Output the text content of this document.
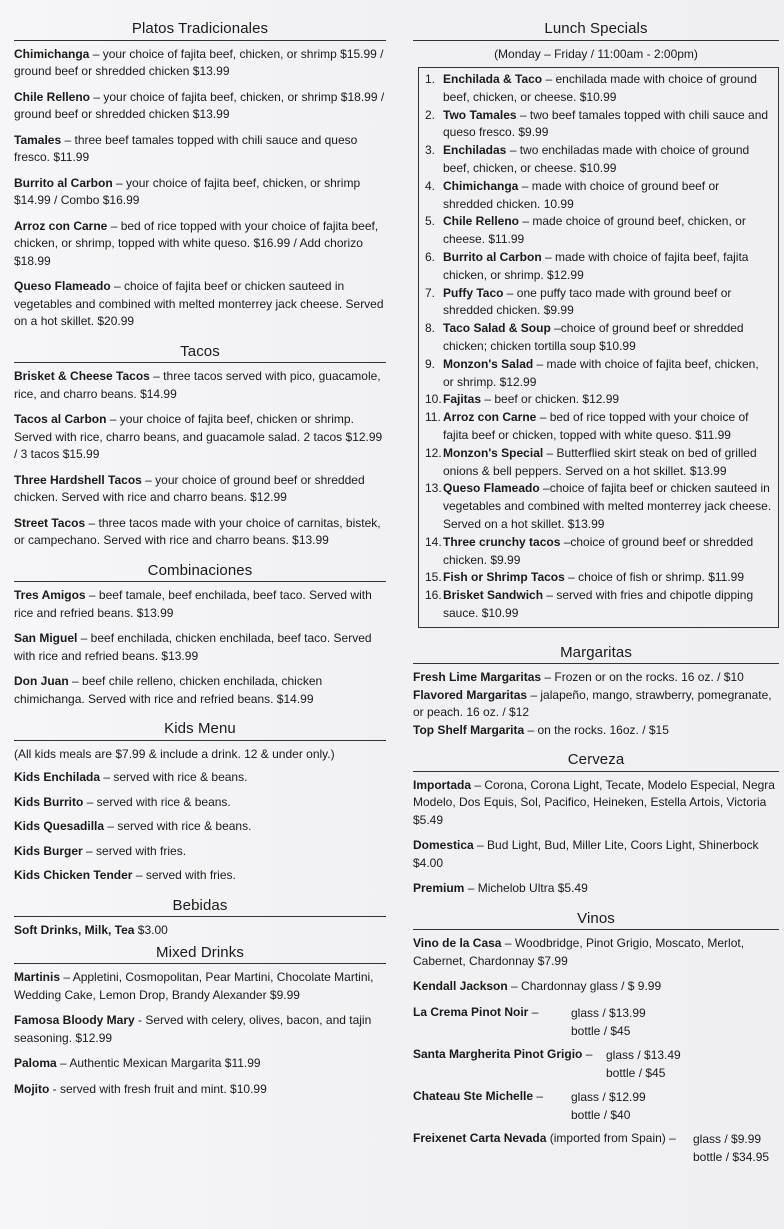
Platos Tradicionales
Chimichanga – your choice of fajita beef, chicken, or shrimp $15.99 / ground beef or shredded chicken $13.99
Chile Relleno – your choice of fajita beef, chicken, or shrimp $18.99 / ground beef or shredded chicken $13.99
Tamales – three beef tamales topped with chili sauce and queso fresco. $11.99
Burrito al Carbon – your choice of fajita beef, chicken, or shrimp $14.99 / Combo $16.99
Arroz con Carne – bed of rice topped with your choice of fajita beef, chicken, or shrimp, topped with white queso. $16.99 / Add chorizo $18.99
Queso Flameado – choice of fajita beef or chicken sauteed in vegetables and combined with melted monterrey jack cheese. Served on a hot skillet. $20.99
Tacos
Brisket & Cheese Tacos – three tacos served with pico, guacamole, rice, and charro beans. $14.99
Tacos al Carbon – your choice of fajita beef, chicken or shrimp. Served with rice, charro beans, and guacamole salad. 2 tacos $12.99 / 3 tacos $15.99
Three Hardshell Tacos – your choice of ground beef or shredded chicken. Served with rice and charro beans. $12.99
Street Tacos – three tacos made with your choice of carnitas, bistek, or campechano. Served with rice and charro beans. $13.99
Combinaciones
Tres Amigos – beef tamale, beef enchilada, beef taco. Served with rice and refried beans. $13.99
San Miguel – beef enchilada, chicken enchilada, beef taco. Served with rice and refried beans. $13.99
Don Juan – beef chile relleno, chicken enchilada, chicken chimichanga. Served with rice and refried beans. $14.99
Kids Menu
(All kids meals are $7.99 & include a drink. 12 & under only.)
Kids Enchilada – served with rice & beans.
Kids Burrito – served with rice & beans.
Kids Quesadilla – served with rice & beans.
Kids Burger – served with fries.
Kids Chicken Tender – served with fries.
Bebidas
Soft Drinks, Milk, Tea $3.00
Mixed Drinks
Martinis – Appletini, Cosmopolitan, Pear Martini, Chocolate Martini, Wedding Cake, Lemon Drop, Brandy Alexander $9.99
Famosa Bloody Mary - Served with celery, olives, bacon, and tajin seasoning. $12.99
Paloma – Authentic Mexican Margarita $11.99
Mojito - served with fresh fruit and mint. $10.99
Lunch Specials
(Monday – Friday / 11:00am - 2:00pm)
1. Enchilada & Taco – enchilada made with choice of ground beef, chicken, or cheese. $10.99
2. Two Tamales – two beef tamales topped with chili sauce and queso fresco. $9.99
3. Enchiladas – two enchiladas made with choice of ground beef, chicken, or cheese. $10.99
4. Chimichanga – made with choice of ground beef or shredded chicken. 10.99
5. Chile Relleno – made choice of ground beef, chicken, or cheese. $11.99
6. Burrito al Carbon – made with choice of fajita beef, fajita chicken, or shrimp. $12.99
7. Puffy Taco – one puffy taco made with ground beef or shredded chicken. $9.99
8. Taco Salad & Soup –choice of ground beef or shredded chicken; chicken tortilla soup $10.99
9. Monzon's Salad – made with choice of fajita beef, chicken, or shrimp. $12.99
10. Fajitas – beef or chicken. $12.99
11. Arroz con Carne – bed of rice topped with your choice of fajita beef or chicken, topped with white queso. $11.99
12. Monzon's Special – Butterflied skirt steak on bed of grilled onions & bell peppers. Served on a hot skillet. $13.99
13. Queso Flameado –choice of fajita beef or chicken sauteed in vegetables and combined with melted monterrey jack cheese. Served on a hot skillet. $13.99
14. Three crunchy tacos –choice of ground beef or shredded chicken. $9.99
15. Fish or Shrimp Tacos – choice of fish or shrimp. $11.99
16. Brisket Sandwich – served with fries and chipotle dipping sauce. $10.99
Margaritas
Fresh Lime Margaritas – Frozen or on the rocks. 16 oz. / $10
Flavored Margaritas – jalapeño, mango, strawberry, pomegranate, or peach. 16 oz. / $12
Top Shelf Margarita – on the rocks. 16oz. / $15
Cerveza
Importada – Corona, Corona Light, Tecate, Modelo Especial, Negra Modelo, Dos Equis, Sol, Pacifico, Heineken, Estella Artois, Victoria $5.49
Domestica – Bud Light, Bud, Miller Lite, Coors Light, Shinerbock $4.00
Premium – Michelob Ultra $5.49
Vinos
Vino de la Casa – Woodbridge, Pinot Grigio, Moscato, Merlot, Cabernet, Chardonnay $7.99
Kendall Jackson – Chardonnay glass / $ 9.99
La Crema Pinot Noir –	glass / $13.99
bottle / $45
Santa Margherita Pinot Grigio –	glass / $13.49
bottle / $45
Chateau Ste Michelle –	glass / $12.99
bottle / $40
Freixenet Carta Nevada (imported from Spain) –	glass / $9.99
bottle / $34.95
